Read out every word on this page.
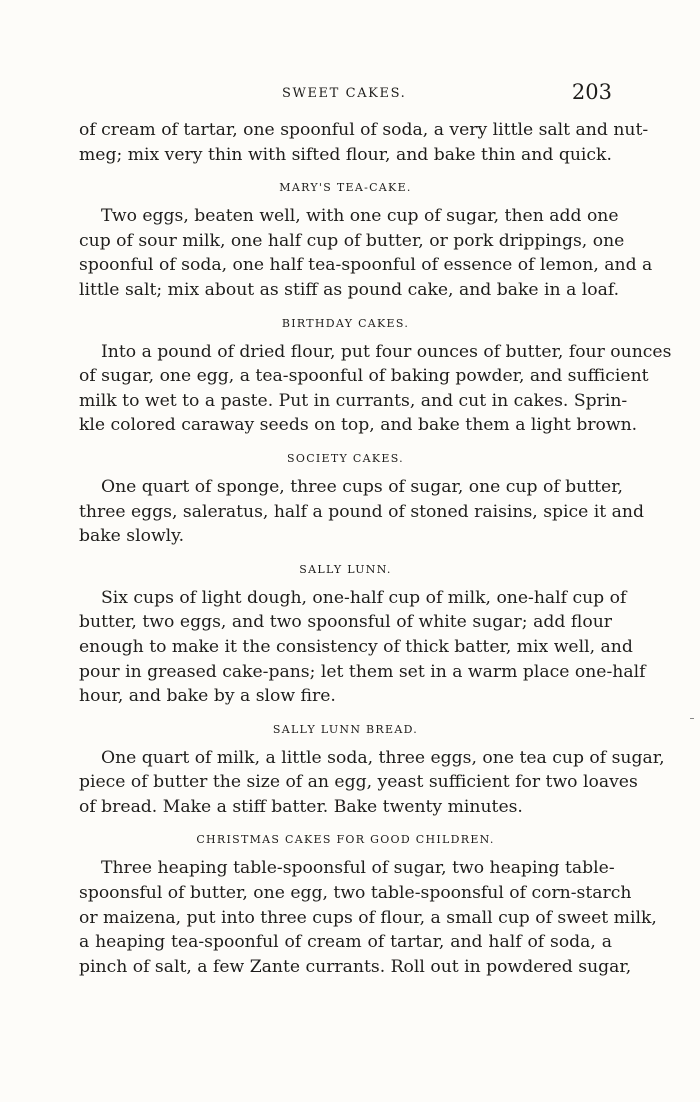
SWEET CAKES.	203
of cream of tartar, one spoonful of soda, a very little salt and nut-
meg; mix very thin with sifted flour, and bake thin and quick.
MARY'S TEA-CAKE.
Two eggs, beaten well, with one cup of sugar, then add one
cup of sour milk, one half cup of butter, or pork drippings, one
spoonful of soda, one half tea-spoonful of essence of lemon, and a
little salt; mix about as stiff as pound cake, and bake in a loaf.
BIRTHDAY CAKES.
Into a pound of dried flour, put four ounces of butter, four ounces
of sugar, one egg, a tea-spoonful of baking powder, and sufficient
milk to wet to a paste. Put in currants, and cut in cakes. Sprin-
kle colored caraway seeds on top, and bake them a light brown.
SOCIETY CAKES.
One quart of sponge, three cups of sugar, one cup of butter,
three eggs, saleratus, half a pound of stoned raisins, spice it and
bake slowly.
SALLY LUNN.
Six cups of light dough, one-half cup of milk, one-half cup of
butter, two eggs, and two spoonsful of white sugar; add flour
enough to make it the consistency of thick batter, mix well, and
pour in greased cake-pans; let them set in a warm place one-half
hour, and bake by a slow fire.
SALLY LUNN BREAD.
One quart of milk, a little soda, three eggs, one tea cup of sugar,
piece of butter the size of an egg, yeast sufficient for two loaves
of bread. Make a stiff batter. Bake twenty minutes.
CHRISTMAS CAKES FOR GOOD CHILDREN.
Three heaping table-spoonsful of sugar, two heaping table-
spoonsful of butter, one egg, two table-spoonsful of corn-starch
or maizena, put into three cups of flour, a small cup of sweet milk,
a heaping tea-spoonful of cream of tartar, and half of soda, a
pinch of salt, a few Zante currants. Roll out in powdered sugar,
